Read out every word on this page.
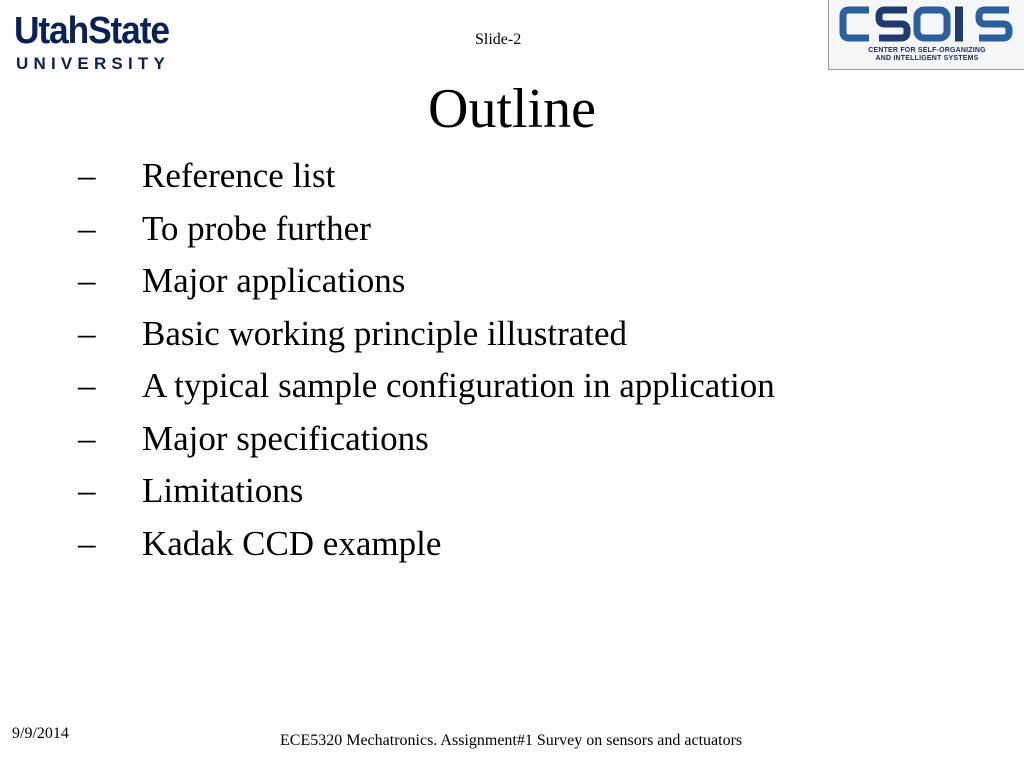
UtahState
UNIVERSITY
Slide-2
CENTER FOR SELF-ORGANIZING
AND INTELLIGENT SYSTEMS
Outline
–	Reference list
–	To probe further
–	Major applications
–	Basic working principle illustrated
–	A typical sample configuration in application
–	Major specifications
–	Limitations
–	Kadak CCD example
9/9/2014	ECE5320 Mechatronics. Assignment#1 Survey on sensors and actuators
